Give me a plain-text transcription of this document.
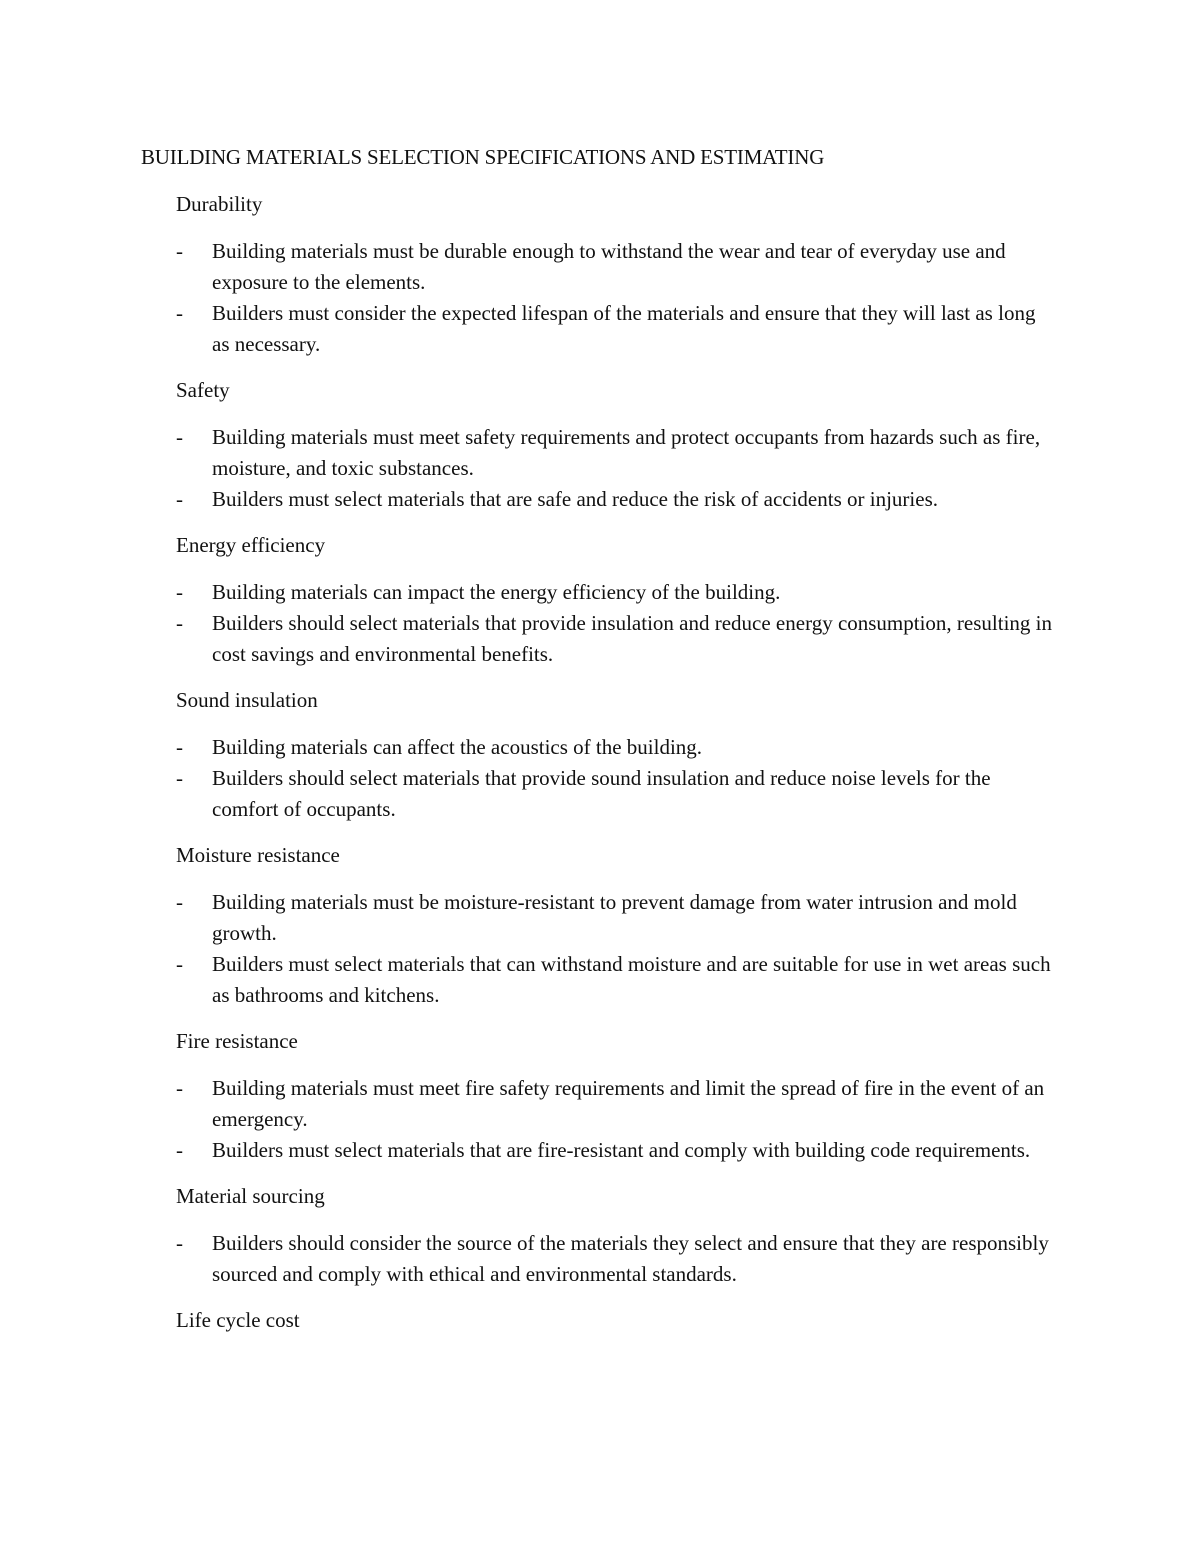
BUILDING MATERIALS SELECTION SPECIFICATIONS AND ESTIMATING
Durability
- Building materials must be durable enough to withstand the wear and tear of everyday use and exposure to the elements.
- Builders must consider the expected lifespan of the materials and ensure that they will last as long as necessary.
Safety
- Building materials must meet safety requirements and protect occupants from hazards such as fire, moisture, and toxic substances.
- Builders must select materials that are safe and reduce the risk of accidents or injuries.
Energy efficiency
- Building materials can impact the energy efficiency of the building.
- Builders should select materials that provide insulation and reduce energy consumption, resulting in cost savings and environmental benefits.
Sound insulation
- Building materials can affect the acoustics of the building.
- Builders should select materials that provide sound insulation and reduce noise levels for the comfort of occupants.
Moisture resistance
- Building materials must be moisture-resistant to prevent damage from water intrusion and mold growth.
- Builders must select materials that can withstand moisture and are suitable for use in wet areas such as bathrooms and kitchens.
Fire resistance
- Building materials must meet fire safety requirements and limit the spread of fire in the event of an emergency.
- Builders must select materials that are fire-resistant and comply with building code requirements.
Material sourcing
- Builders should consider the source of the materials they select and ensure that they are responsibly sourced and comply with ethical and environmental standards.
Life cycle cost
